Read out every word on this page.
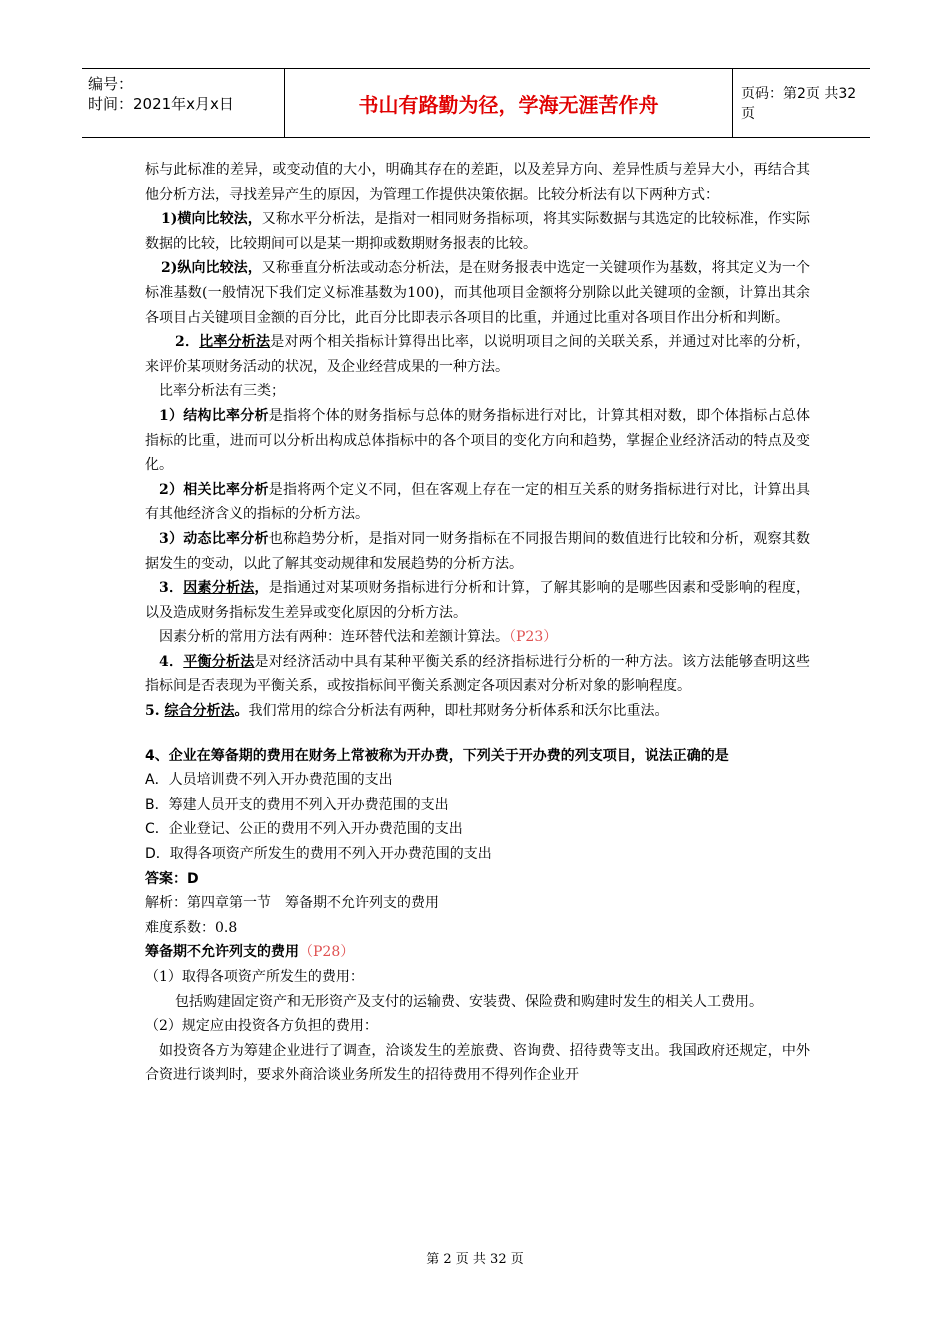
编号：
时间：2021年x月x日	书山有路勤为径，学海无涯苦作舟	页码：第2页 共32页

标与此标准的差异，或变动值的大小，明确其存在的差距，以及差异方向、差异性质与差异大小，再结合其他分析方法，寻找差异产生的原因，为管理工作提供决策依据。比较分析法有以下两种方式：

1)横向比较法，又称水平分析法，是指对一相同财务指标项，将其实际数据与其选定的比较标准，作实际数据的比较，比较期间可以是某一期抑或数期财务报表的比较。

2)纵向比较法，又称垂直分析法或动态分析法，是在财务报表中选定一关键项作为基数，将其定义为一个标准基数(一般情况下我们定义标准基数为100)，而其他项目金额将分别除以此关键项的金额，计算出其余各项目占关键项目金额的百分比，此百分比即表示各项目的比重，并通过比重对各项目作出分析和判断。

2．比率分析法是对两个相关指标计算得出比率，以说明项目之间的关联关系，并通过对比率的分析，来评价某项财务活动的状况，及企业经营成果的一种方法。

比率分析法有三类；

1）结构比率分析是指将个体的财务指标与总体的财务指标进行对比，计算其相对数，即个体指标占总体指标的比重，进而可以分析出构成总体指标中的各个项目的变化方向和趋势，掌握企业经济活动的特点及变化。

2）相关比率分析是指将两个定义不同，但在客观上存在一定的相互关系的财务指标进行对比，计算出具有其他经济含义的指标的分析方法。

3）动态比率分析也称趋势分析，是指对同一财务指标在不同报告期间的数值进行比较和分析，观察其数据发生的变动，以此了解其变动规律和发展趋势的分析方法。

3．因素分析法，是指通过对某项财务指标进行分析和计算，了解其影响的是哪些因素和受影响的程度，以及造成财务指标发生差异或变化原因的分析方法。

因素分析的常用方法有两种：连环替代法和差额计算法。（P23）

4．平衡分析法是对经济活动中具有某种平衡关系的经济指标进行分析的一种方法。该方法能够查明这些指标间是否表现为平衡关系，或按指标间平衡关系测定各项因素对分析对象的影响程度。

5. 综合分析法。我们常用的综合分析法有两种，即杜邦财务分析体系和沃尔比重法。

4、企业在筹备期的费用在财务上常被称为开办费，下列关于开办费的列支项目，说法正确的是

A．人员培训费不列入开办费范围的支出

B．筹建人员开支的费用不列入开办费范围的支出

C．企业登记、公正的费用不列入开办费范围的支出

D．取得各项资产所发生的费用不列入开办费范围的支出

答案：D

解析：第四章第一节　筹备期不允许列支的费用

难度系数：0.8

筹备期不允许列支的费用（P28）

（1）取得各项资产所发生的费用：

包括购建固定资产和无形资产及支付的运输费、安装费、保险费和购建时发生的相关人工费用。

（2）规定应由投资各方负担的费用：

如投资各方为筹建企业进行了调查，洽谈发生的差旅费、咨询费、招待费等支出。我国政府还规定，中外合资进行谈判时，要求外商洽谈业务所发生的招待费用不得列作企业开

第 2 页 共 32 页
